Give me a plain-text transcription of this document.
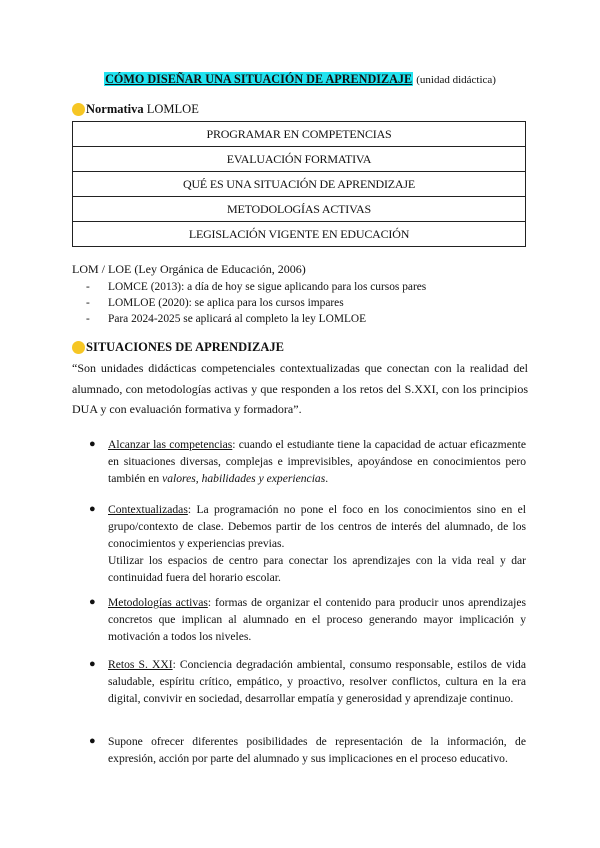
CÓMO DISEÑAR UNA SITUACIÓN DE APRENDIZAJE (unidad didáctica)
Normativa LOMLOE
PROGRAMAR EN COMPETENCIAS
EVALUACIÓN FORMATIVA
QUÉ ES UNA SITUACIÓN DE APRENDIZAJE
METODOLOGÍAS ACTIVAS
LEGISLACIÓN VIGENTE EN EDUCACIÓN
LOM / LOE (Ley Orgánica de Educación, 2006)
- LOMCE (2013): a día de hoy se sigue aplicando para los cursos pares
- LOMLOE (2020): se aplica para los cursos impares
- Para 2024-2025 se aplicará al completo la ley LOMLOE
SITUACIONES DE APRENDIZAJE
“Son unidades didácticas competenciales contextualizadas que conectan con la realidad del alumnado, con metodologías activas y que responden a los retos del S.XXI, con los principios DUA y con evaluación formativa y formadora”.
● Alcanzar las competencias: cuando el estudiante tiene la capacidad de actuar eficazmente en situaciones diversas, complejas e imprevisibles, apoyándose en conocimientos pero también en valores, habilidades y experiencias.
● Contextualizadas: La programación no pone el foco en los conocimientos sino en el grupo/contexto de clase. Debemos partir de los centros de interés del alumnado, de los conocimientos y experiencias previas.
Utilizar los espacios de centro para conectar los aprendizajes con la vida real y dar continuidad fuera del horario escolar.
● Metodologías activas: formas de organizar el contenido para producir unos aprendizajes concretos que implican al alumnado en el proceso generando mayor implicación y motivación a todos los niveles.
● Retos S. XXI: Conciencia degradación ambiental, consumo responsable, estilos de vida saludable, espíritu crítico, empático, y proactivo, resolver conflictos, cultura en la era digital, convivir en sociedad, desarrollar empatía y generosidad y aprendizaje continuo.
● Supone ofrecer diferentes posibilidades de representación de la información, de expresión, acción por parte del alumnado y sus implicaciones en el proceso educativo.
